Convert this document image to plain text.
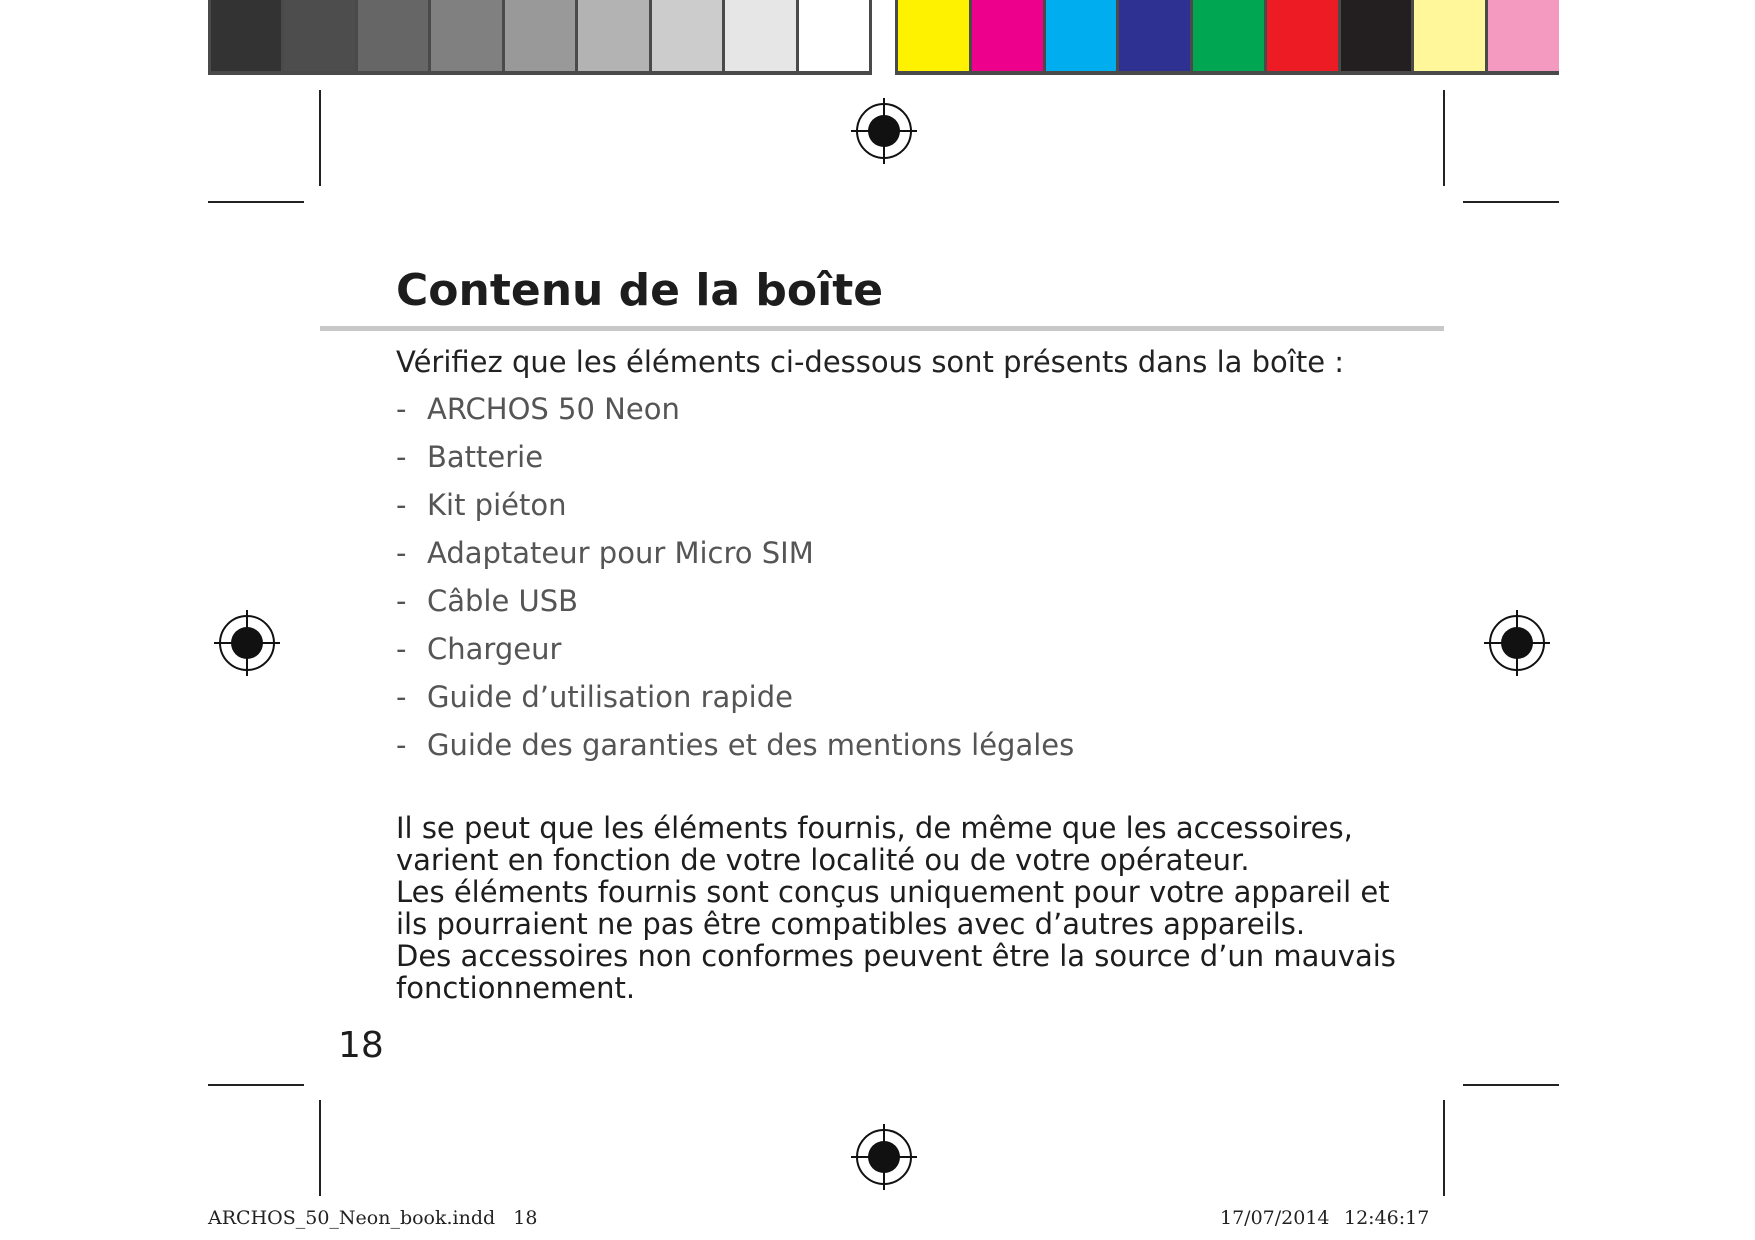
Contenu de la boîte
Vérifiez que les éléments ci-dessous sont présents dans la boîte :
- ARCHOS 50 Neon
- Batterie
- Kit piéton
- Adaptateur pour Micro SIM
- Câble USB
- Chargeur
- Guide d’utilisation rapide
- Guide des garanties et des mentions légales

Il se peut que les éléments fournis, de même que les accessoires, varient en fonction de votre localité ou de votre opérateur.

Les éléments fournis sont conçus uniquement pour votre appareil et ils pourraient ne pas être compatibles avec d’autres appareils.

Des accessoires non conformes peuvent être la source d’un mauvais fonctionnement.

18
ARCHOS_50_Neon_book.indd   18	17/07/2014 12:46:17
